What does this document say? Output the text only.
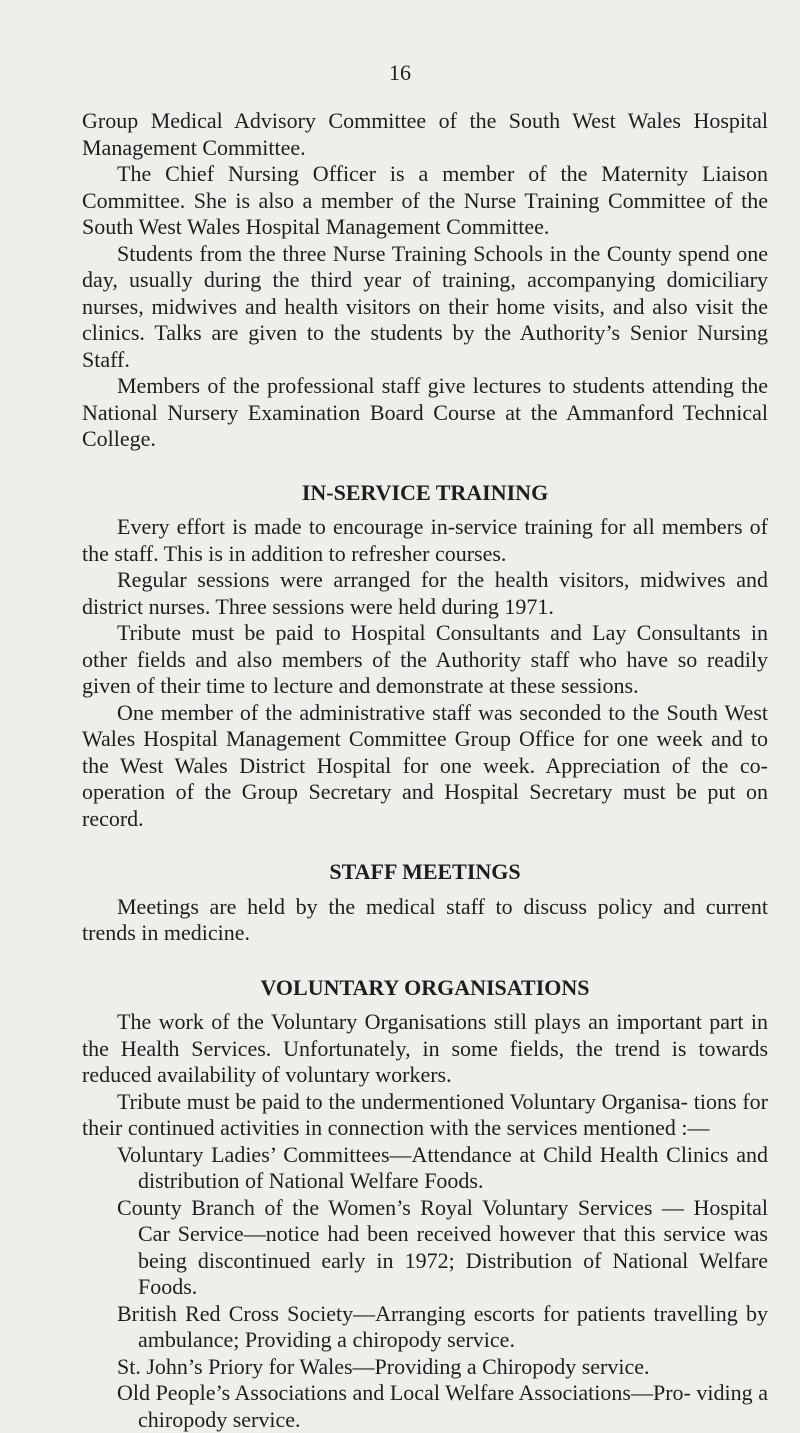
16

Group Medical Advisory Committee of the South West Wales Hospital Management Committee.

The Chief Nursing Officer is a member of the Maternity Liaison Committee. She is also a member of the Nurse Training Committee of the South West Wales Hospital Management Committee.

Students from the three Nurse Training Schools in the County spend one day, usually during the third year of training, accompanying domiciliary nurses, midwives and health visitors on their home visits, and also visit the clinics. Talks are given to the students by the Authority’s Senior Nursing Staff.

Members of the professional staff give lectures to students attending the National Nursery Examination Board Course at the Ammanford Technical College.

IN-SERVICE TRAINING

Every effort is made to encourage in-service training for all members of the staff. This is in addition to refresher courses.

Regular sessions were arranged for the health visitors, midwives and district nurses. Three sessions were held during 1971.

Tribute must be paid to Hospital Consultants and Lay Consultants in other fields and also members of the Authority staff who have so readily given of their time to lecture and demonstrate at these sessions.

One member of the administrative staff was seconded to the South West Wales Hospital Management Committee Group Office for one week and to the West Wales District Hospital for one week. Appreciation of the co-operation of the Group Secretary and Hospital Secretary must be put on record.

STAFF MEETINGS

Meetings are held by the medical staff to discuss policy and current trends in medicine.

VOLUNTARY ORGANISATIONS

The work of the Voluntary Organisations still plays an important part in the Health Services. Unfortunately, in some fields, the trend is towards reduced availability of voluntary workers.

Tribute must be paid to the undermentioned Voluntary Organisa- tions for their continued activities in connection with the services mentioned :—

Voluntary Ladies’ Committees—Attendance at Child Health Clinics and distribution of National Welfare Foods.

County Branch of the Women’s Royal Voluntary Services — Hospital Car Service—notice had been received however that this service was being discontinued early in 1972; Distribution of National Welfare Foods.

British Red Cross Society—Arranging escorts for patients travelling by ambulance; Providing a chiropody service.

St. John’s Priory for Wales—Providing a Chiropody service.

Old People’s Associations and Local Welfare Associations—Pro- viding a chiropody service.
